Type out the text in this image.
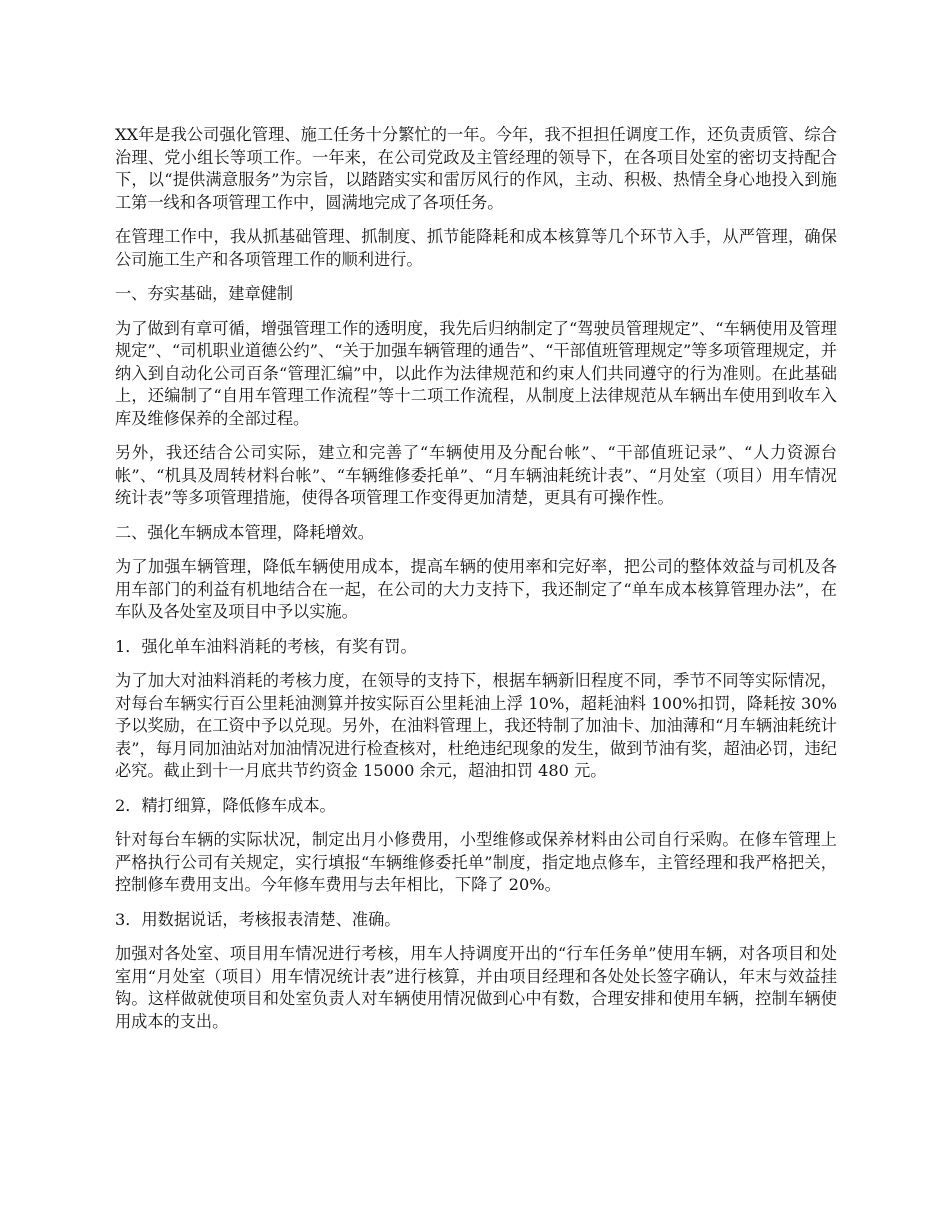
XX年是我公司强化管理、施工任务十分繁忙的一年。今年，我不担担任调度工作，还负责质管、综合治理、党小组长等项工作。一年来，在公司党政及主管经理的领导下，在各项目处室的密切支持配合下，以“提供满意服务”为宗旨，以踏踏实实和雷厉风行的作风，主动、积极、热情全身心地投入到施工第一线和各项管理工作中，圆满地完成了各项任务。

在管理工作中，我从抓基础管理、抓制度、抓节能降耗和成本核算等几个环节入手，从严管理，确保公司施工生产和各项管理工作的顺利进行。

一、夯实基础，建章健制

为了做到有章可循，增强管理工作的透明度，我先后归纳制定了“驾驶员管理规定”、“车辆使用及管理规定”、“司机职业道德公约”、“关于加强车辆管理的通告”、“干部值班管理规定”等多项管理规定，并纳入到自动化公司百条“管理汇编”中，以此作为法律规范和约束人们共同遵守的行为准则。在此基础上，还编制了“自用车管理工作流程”等十二项工作流程，从制度上法律规范从车辆出车使用到收车入库及维修保养的全部过程。

另外，我还结合公司实际，建立和完善了“车辆使用及分配台帐”、“干部值班记录”、“人力资源台帐”、“机具及周转材料台帐”、“车辆维修委托单”、“月车辆油耗统计表”、“月处室（项目）用车情况统计表”等多项管理措施，使得各项管理工作变得更加清楚，更具有可操作性。

二、强化车辆成本管理，降耗增效。

为了加强车辆管理，降低车辆使用成本，提高车辆的使用率和完好率，把公司的整体效益与司机及各用车部门的利益有机地结合在一起，在公司的大力支持下，我还制定了“单车成本核算管理办法”，在车队及各处室及项目中予以实施。

1．强化单车油料消耗的考核，有奖有罚。

为了加大对油料消耗的考核力度，在领导的支持下，根据车辆新旧程度不同，季节不同等实际情况，对每台车辆实行百公里耗油测算并按实际百公里耗油上浮 10%，超耗油料 100%扣罚，降耗按 30%予以奖励，在工资中予以兑现。另外，在油料管理上，我还特制了加油卡、加油薄和“月车辆油耗统计表”，每月同加油站对加油情况进行检查核对，杜绝违纪现象的发生，做到节油有奖，超油必罚，违纪必究。截止到十一月底共节约资金 15000 余元，超油扣罚 480 元。

2．精打细算，降低修车成本。

针对每台车辆的实际状况，制定出月小修费用，小型维修或保养材料由公司自行采购。在修车管理上严格执行公司有关规定，实行填报“车辆维修委托单”制度，指定地点修车，主管经理和我严格把关，控制修车费用支出。今年修车费用与去年相比，下降了 20%。

3．用数据说话，考核报表清楚、准确。

加强对各处室、项目用车情况进行考核，用车人持调度开出的“行车任务单”使用车辆，对各项目和处室用“月处室（项目）用车情况统计表”进行核算，并由项目经理和各处处长签字确认，年末与效益挂钩。这样做就使项目和处室负责人对车辆使用情况做到心中有数，合理安排和使用车辆，控制车辆使用成本的支出。
